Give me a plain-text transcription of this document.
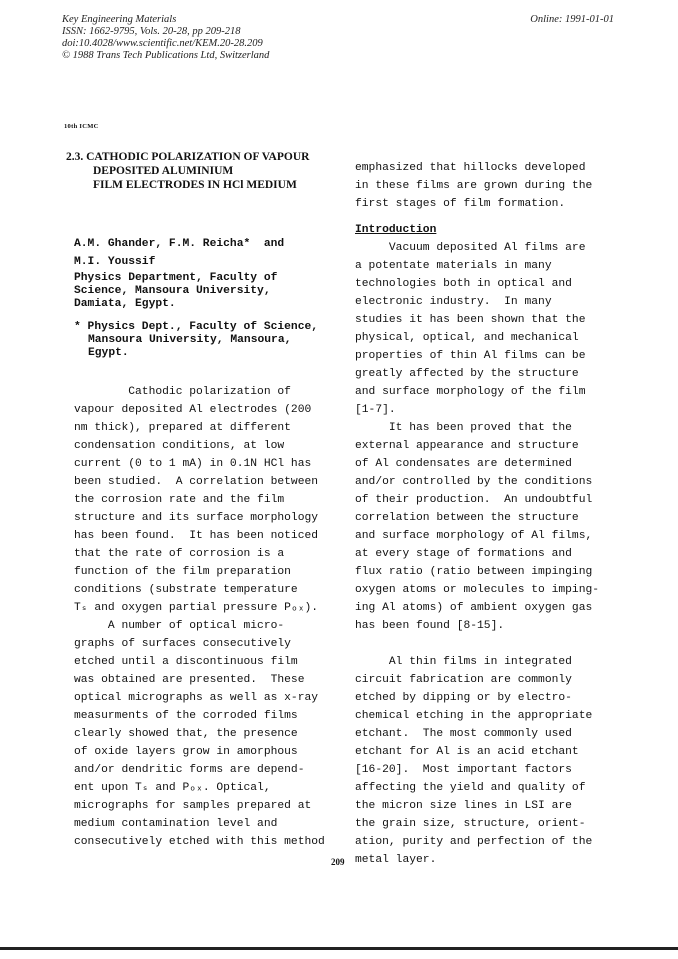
Key Engineering Materials
ISSN: 1662-9795, Vols. 20-28, pp 209-218
doi:10.4028/www.scientific.net/KEM.20-28.209
© 1988 Trans Tech Publications Ltd, Switzerland
Online: 1991-01-01
10th ICMC
2.3. CATHODIC POLARIZATION OF VAPOUR
DEPOSITED ALUMINIUM
FILM ELECTRODES IN HCl MEDIUM
A.M. Ghander, F.M. Reicha*  and
M.I. Youssif
Physics Department, Faculty of
Science, Mansoura University,
Damiata, Egypt.
* Physics Dept., Faculty of Science,
Mansoura University, Mansoura,
Egypt.
Cathodic polarization of
vapour deposited Al electrodes (200
nm thick), prepared at different
condensation conditions, at low
current (0 to 1 mA) in 0.1N HCl has
been studied.  A correlation between
the corrosion rate and the film
structure and its surface morphology
has been found.  It has been noticed
that the rate of corrosion is a
function of the film preparation
conditions (substrate temperature
Tₛ and oxygen partial pressure Pₒₓ).
A number of optical micro-
graphs of surfaces consecutively
etched until a discontinuous film
was obtained are presented.  These
optical micrographs as well as x-ray
measurments of the corroded films
clearly showed that, the presence
of oxide layers grow in amorphous
and/or dendritic forms are depend-
ent upon Tₛ and Pₒₓ. Optical,
micrographs for samples prepared at
medium contamination level and
consecutively etched with this method
emphasized that hillocks developed
in these films are grown during the
first stages of film formation.
Introduction
Vacuum deposited Al films are
a potentate materials in many
technologies both in optical and
electronic industry.  In many
studies it has been shown that the
physical, optical, and mechanical
properties of thin Al films can be
greatly affected by the structure
and surface morphology of the film
[1-7].
It has been proved that the
external appearance and structure
of Al condensates are determined
and/or controlled by the conditions
of their production.  An undoubtful
correlation between the structure
and surface morphology of Al films,
at every stage of formations and
flux ratio (ratio between impinging
oxygen atoms or molecules to imping-
ing Al atoms) of ambient oxygen gas
has been found [8-15].
Al thin films in integrated
circuit fabrication are commonly
etched by dipping or by electro-
chemical etching in the appropriate
etchant.  The most commonly used
etchant for Al is an acid etchant
[16-20].  Most important factors
affecting the yield and quality of
the micron size lines in LSI are
the grain size, structure, orient-
ation, purity and perfection of the
metal layer.
209
